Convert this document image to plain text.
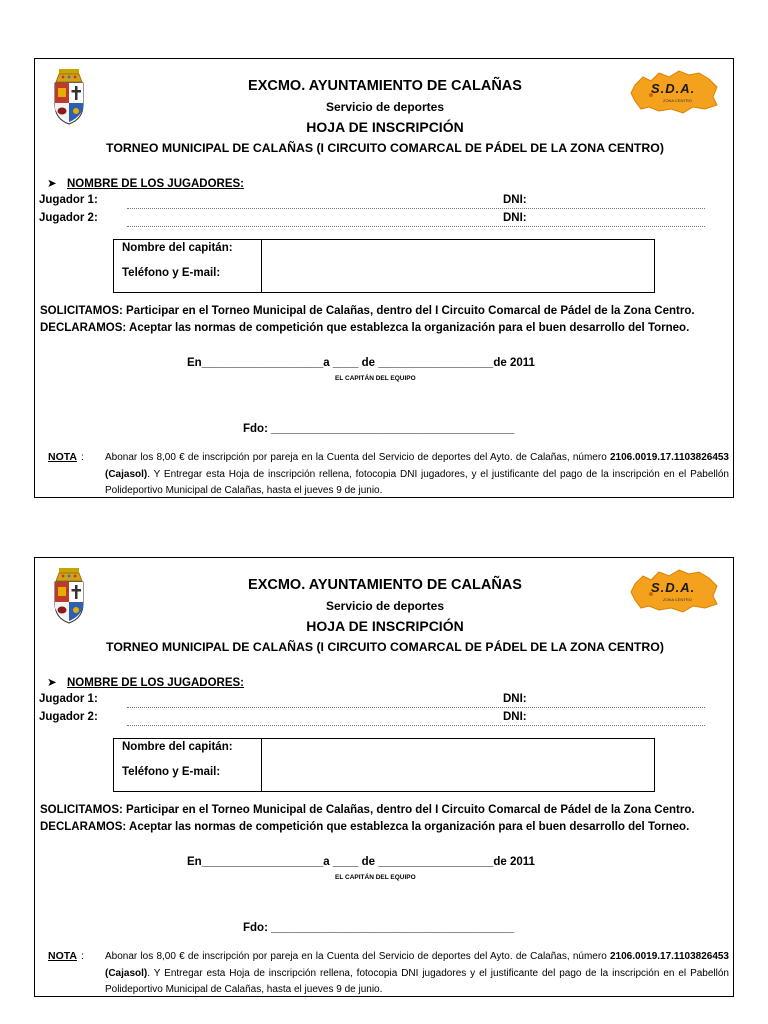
S.D.A.
ZONA CENTRO
EXCMO. AYUNTAMIENTO DE CALAÑAS
Servicio de deportes
HOJA DE INSCRIPCIÓN
TORNEO MUNICIPAL DE CALAÑAS (I CIRCUITO COMARCAL DE PÁDEL DE LA ZONA CENTRO)
➤ NOMBRE DE LOS JUGADORES:
Jugador 1:	DNI:
Jugador 2:	DNI:
Nombre del capitán:
Teléfono y E-mail:
SOLICITAMOS: Participar en el Torneo Municipal de Calañas, dentro del I Circuito Comarcal de Pádel de la Zona Centro.
DECLARAMOS: Aceptar las normas de competición que establezca la organización para el buen desarrollo del Torneo.
En___________________a ____ de __________________de 2011
EL CAPITÁN DEL EQUIPO
Fdo: ______________________________________
NOTA : Abonar los 8,00 € de inscripción por pareja en la Cuenta del Servicio de deportes del Ayto. de Calañas, número 2106.0019.17.1103826453 (Cajasol). Y Entregar esta Hoja de inscripción rellena, fotocopia DNI jugadores, y el justificante del pago de la inscripción en el Pabellón Polideportivo Municipal de Calañas, hasta el jueves 9 de junio.
S.D.A.
ZONA CENTRO
EXCMO. AYUNTAMIENTO DE CALAÑAS
Servicio de deportes
HOJA DE INSCRIPCIÓN
TORNEO MUNICIPAL DE CALAÑAS (I CIRCUITO COMARCAL DE PÁDEL DE LA ZONA CENTRO)
➤ NOMBRE DE LOS JUGADORES:
Jugador 1:	DNI:
Jugador 2:	DNI:
Nombre del capitán:
Teléfono y E-mail:
SOLICITAMOS: Participar en el Torneo Municipal de Calañas, dentro del I Circuito Comarcal de Pádel de la Zona Centro.
DECLARAMOS: Aceptar las normas de competición que establezca la organización para el buen desarrollo del Torneo.
En___________________a ____ de __________________de 2011
EL CAPITÁN DEL EQUIPO
Fdo: ______________________________________
NOTA : Abonar los 8,00 € de inscripción por pareja en la Cuenta del Servicio de deportes del Ayto. de Calañas, número 2106.0019.17.1103826453 (Cajasol). Y Entregar esta Hoja de inscripción rellena, fotocopia DNI jugadores y el justificante del pago de la inscripción en el Pabellón Polideportivo Municipal de Calañas, hasta el jueves 9 de junio.
